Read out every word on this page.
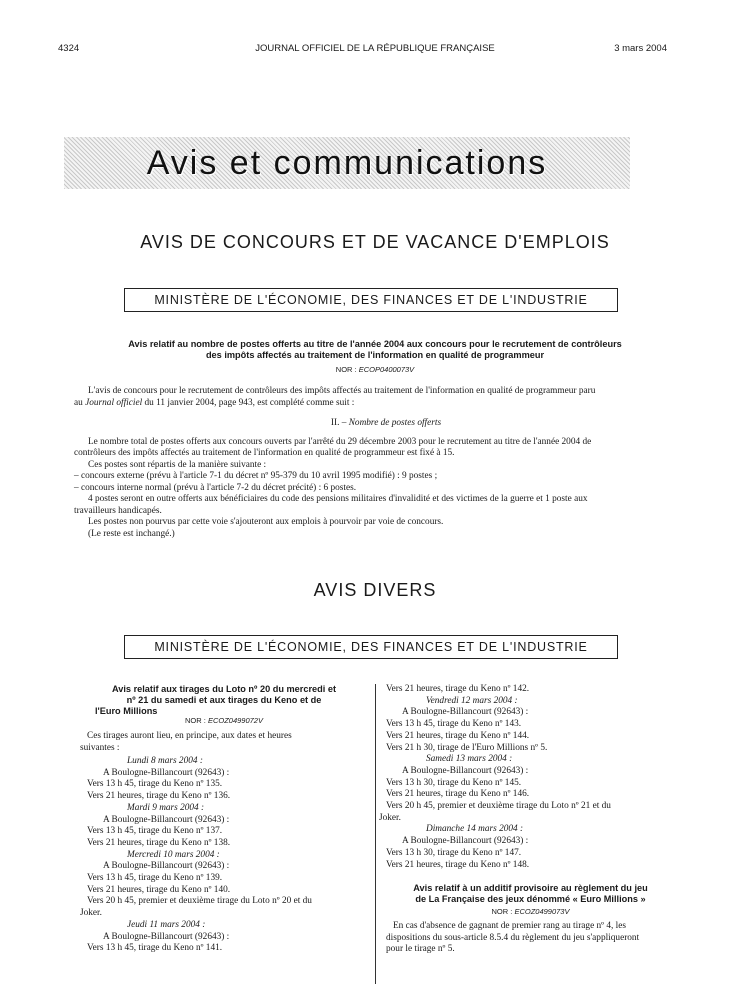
4324	JOURNAL OFFICIEL DE LA RÉPUBLIQUE FRANÇAISE	3 mars 2004
Avis et communications
AVIS DE CONCOURS ET DE VACANCE D'EMPLOIS
MINISTÈRE DE L'ÉCONOMIE, DES FINANCES ET DE L'INDUSTRIE
Avis relatif au nombre de postes offerts au titre de l'année 2004 aux concours pour le recrutement de contrôleurs
des impôts affectés au traitement de l'information en qualité de programmeur
NOR : ECOP0400073V
L'avis de concours pour le recrutement de contrôleurs des impôts affectés au traitement de l'information en qualité de programmeur paru
au Journal officiel du 11 janvier 2004, page 943, est complété comme suit :
II. – Nombre de postes offerts
Le nombre total de postes offerts aux concours ouverts par l'arrêté du 29 décembre 2003 pour le recrutement au titre de l'année 2004 de
contrôleurs des impôts affectés au traitement de l'information en qualité de programmeur est fixé à 15.
Ces postes sont répartis de la manière suivante :
– concours externe (prévu à l'article 7-1 du décret nº 95-379 du 10 avril 1995 modifié) : 9 postes ;
– concours interne normal (prévu à l'article 7-2 du décret précité) : 6 postes.
4 postes seront en outre offerts aux bénéficiaires du code des pensions militaires d'invalidité et des victimes de la guerre et 1 poste aux
travailleurs handicapés.
Les postes non pourvus par cette voie s'ajouteront aux emplois à pourvoir par voie de concours.
(Le reste est inchangé.)
AVIS DIVERS
MINISTÈRE DE L'ÉCONOMIE, DES FINANCES ET DE L'INDUSTRIE
Avis relatif aux tirages du Loto nº 20 du mercredi et
nº 21 du samedi et aux tirages du Keno et de
l'Euro Millions
NOR : ECOZ0499072V
Ces tirages auront lieu, en principe, aux dates et heures
suivantes :
Lundi 8 mars 2004 :
A Boulogne-Billancourt (92643) :
Vers 13 h 45, tirage du Keno nº 135.
Vers 21 heures, tirage du Keno nº 136.
Mardi 9 mars 2004 :
A Boulogne-Billancourt (92643) :
Vers 13 h 45, tirage du Keno nº 137.
Vers 21 heures, tirage du Keno nº 138.
Mercredi 10 mars 2004 :
A Boulogne-Billancourt (92643) :
Vers 13 h 45, tirage du Keno nº 139.
Vers 21 heures, tirage du Keno nº 140.
Vers 20 h 45, premier et deuxième tirage du Loto nº 20 et du
Joker.
Jeudi 11 mars 2004 :
A Boulogne-Billancourt (92643) :
Vers 13 h 45, tirage du Keno nº 141.
Vers 21 heures, tirage du Keno nº 142.
Vendredi 12 mars 2004 :
A Boulogne-Billancourt (92643) :
Vers 13 h 45, tirage du Keno nº 143.
Vers 21 heures, tirage du Keno nº 144.
Vers 21 h 30, tirage de l'Euro Millions nº 5.
Samedi 13 mars 2004 :
A Boulogne-Billancourt (92643) :
Vers 13 h 30, tirage du Keno nº 145.
Vers 21 heures, tirage du Keno nº 146.
Vers 20 h 45, premier et deuxième tirage du Loto nº 21 et du
Joker.
Dimanche 14 mars 2004 :
A Boulogne-Billancourt (92643) :
Vers 13 h 30, tirage du Keno nº 147.
Vers 21 heures, tirage du Keno nº 148.
Avis relatif à un additif provisoire au règlement du jeu
de La Française des jeux dénommé « Euro Millions »
NOR : ECOZ0499073V
En cas d'absence de gagnant de premier rang au tirage nº 4, les
dispositions du sous-article 8.5.4 du règlement du jeu s'appliqueront
pour le tirage nº 5.
